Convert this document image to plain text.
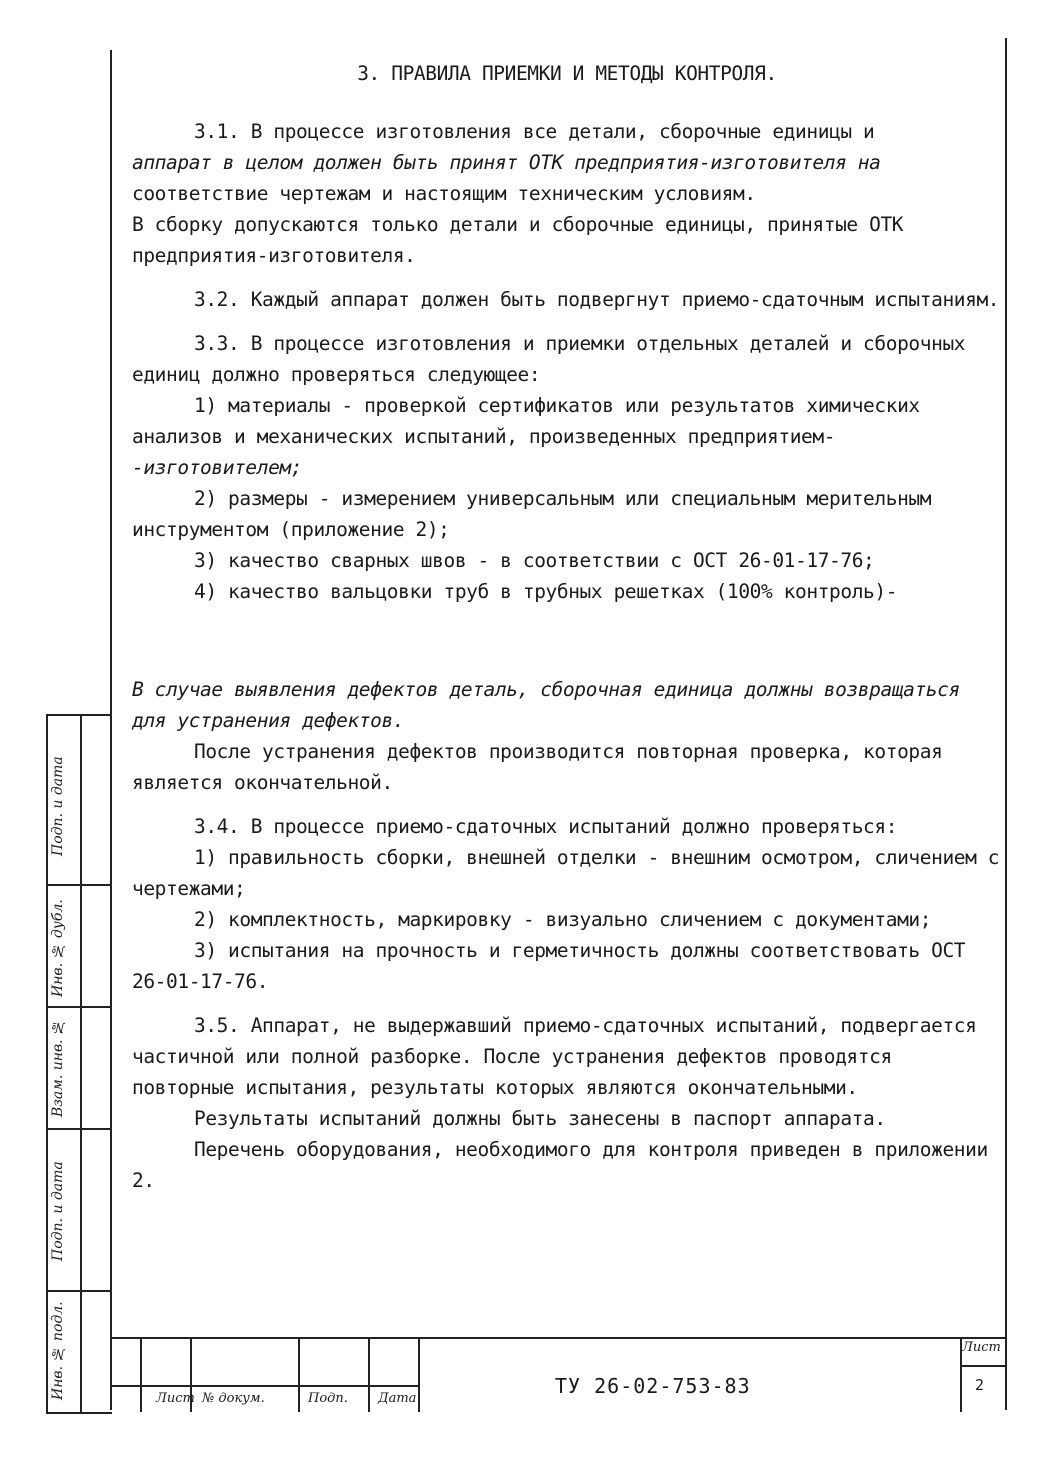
3. ПРАВИЛА ПРИЕМКИ И МЕТОДЫ КОНТРОЛЯ.

3.1. В процессе изготовления все детали, сборочные единицы и

аппарат в целом должен быть принят ОТК предприятия-изготовителя на

соответствие чертежам и настоящим техническим условиям.

В сборку допускаются только детали и сборочные единицы, принятые ОТК предприятия-изготовителя.

3.2. Каждый аппарат должен быть подвергнут приемо-сдаточным испытаниям.

3.3. В процессе изготовления и приемки отдельных деталей и сборочных единиц должно проверяться следующее:

1) материалы - проверкой сертификатов или результатов химических анализов и механических испытаний, произведенных предприятием-

-изготовителем;

2) размеры - измерением универсальным или специальным мерительным инструментом (приложение 2);

3) качество сварных швов - в соответствии с ОСТ 26-01-17-76;

4) качество вальцовки труб в трубных решетках (100% контроль)-

В случае выявления дефектов деталь, сборочная единица должны возвращаться для устранения дефектов.

После устранения дефектов производится повторная проверка, которая является окончательной.

3.4. В процессе приемо-сдаточных испытаний должно проверяться:

1) правильность сборки, внешней отделки - внешним осмотром, сличением с чертежами;

2) комплектность, маркировку - визуально сличением с документами;

3) испытания на прочность и герметичность должны соответствовать ОСТ 26-01-17-76.

3.5. Аппарат, не выдержавший приемо-сдаточных испытаний, подвергается частичной или полной разборке. После устранения дефектов проводятся повторные испытания, результаты которых являются окончательными.

Результаты испытаний должны быть занесены в паспорт аппарата.

Перечень оборудования, необходимого для контроля приведен в приложении 2.

Подп. и дата
Инв. № дубл.
Взам. инв. №
Подп. и дата
Инв. № подл.	Лист № докум.	Подп. Дата
ТУ 26-02-753-83
Лист
2
